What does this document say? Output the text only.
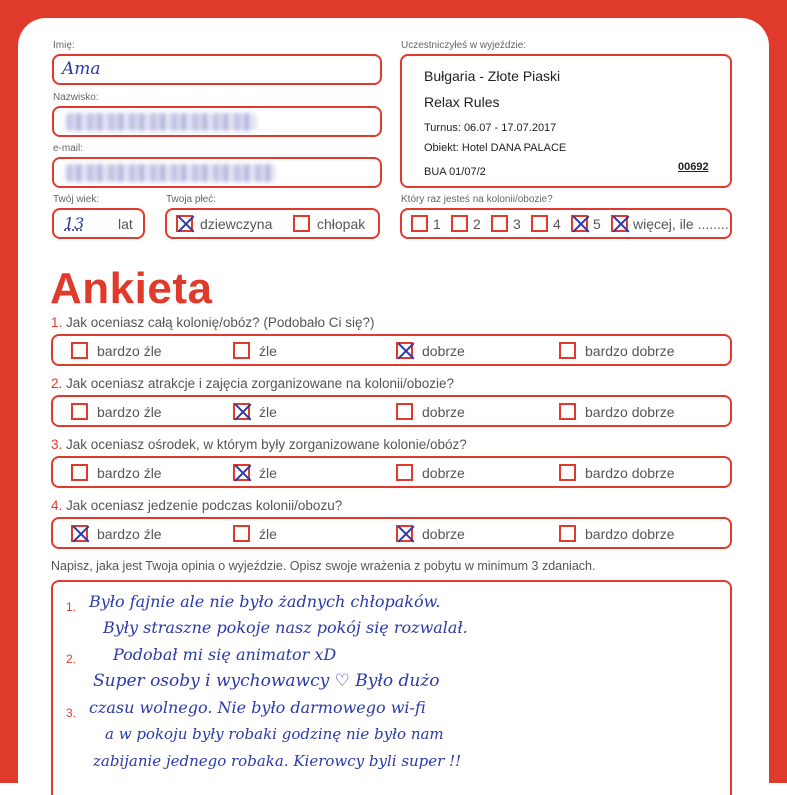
Imię:
Ama
Nazwisko:
e-mail:
Twój wiek:
13 lat
Twoja płeć:
dziewczyna	chłopak
Uczestniczyłeś w wyjeździe:
Bułgaria - Złote Piaski
Relax Rules
Turnus: 06.07 - 17.07.2017
Obiekt: Hotel DANA PALACE
BUA 01/07/2	00692
Który raz jesteś na kolonii/obozie?
1 2 3 4 5 więcej, ile ........
Ankieta
1. Jak oceniasz całą kolonię/obóz? (Podobało Ci się?)
bardzo źle	źle	dobrze	bardzo dobrze
2. Jak oceniasz atrakcje i zajęcia zorganizowane na kolonii/obozie?
bardzo źle	źle	dobrze	bardzo dobrze
3. Jak oceniasz ośrodek, w którym były zorganizowane kolonie/obóz?
bardzo źle	źle	dobrze	bardzo dobrze
4. Jak oceniasz jedzenie podczas kolonii/obozu?
bardzo źle	źle	dobrze	bardzo dobrze
Napisz, jaka jest Twoja opinia o wyjeździe. Opisz swoje wrażenia z pobytu w minimum 3 zdaniach.
1.
2.
3.
Było fajnie ale nie było żadnych chłopaków.
Były straszne pokoje nasz pokój się rozwalał.
Podobał mi się animator xD
Super osoby i wychowawcy ♡ Było dużo
czasu wolnego. Nie było darmowego wi-fi
a w pokoju były robaki godzinę nie było nam
zabijanie jednego robaka. Kierowcy byli super !!
